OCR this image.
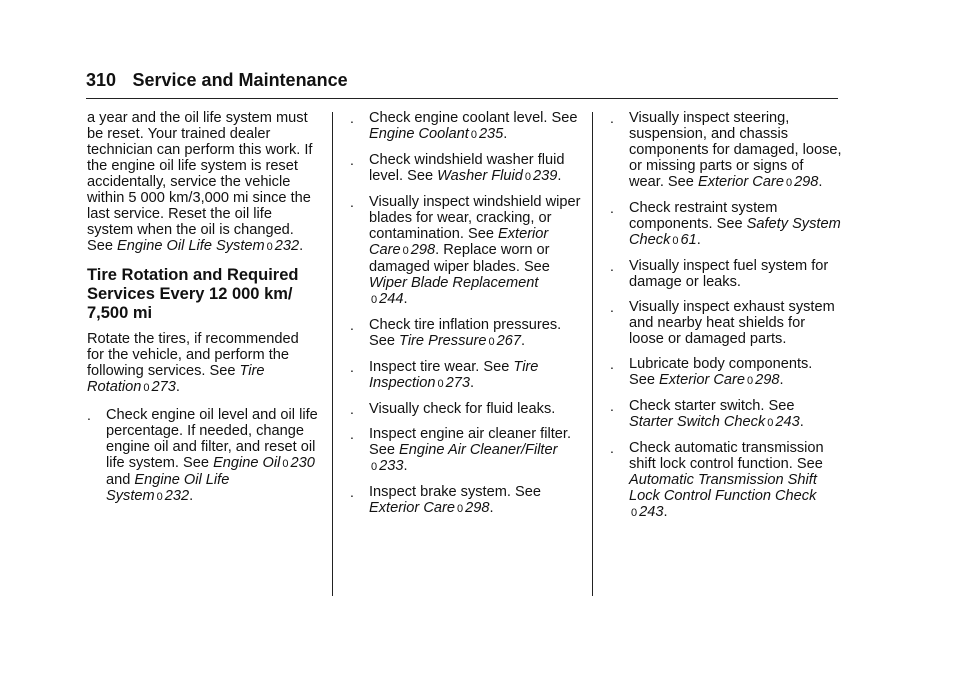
310 Service and Maintenance

a year and the oil life system must be reset. Your trained dealer technician can perform this work. If the engine oil life system is reset accidentally, service the vehicle within 5 000 km/3,000 mi since the last service. Reset the oil life system when the oil is changed. See Engine Oil Life System 0 232.

Tire Rotation and Required Services Every 12 000 km/ 7,500 mi

Rotate the tires, if recommended for the vehicle, and perform the following services. See Tire Rotation 0 273.

. Check engine oil level and oil life percentage. If needed, change engine oil and filter, and reset oil life system. See Engine Oil 0 230 and Engine Oil Life System 0 232.
. Check engine coolant level. See Engine Coolant 0 235.
. Check windshield washer fluid level. See Washer Fluid 0 239.
. Visually inspect windshield wiper blades for wear, cracking, or contamination. See Exterior Care 0 298. Replace worn or damaged wiper blades. See Wiper Blade Replacement
0 244.
. Check tire inflation pressures. See Tire Pressure 0 267.
. Inspect tire wear. See Tire Inspection 0 273.
. Visually check for fluid leaks.
. Inspect engine air cleaner filter. See Engine Air Cleaner/Filter
0 233.
. Inspect brake system. See Exterior Care 0 298.
. Visually inspect steering, suspension, and chassis components for damaged, loose, or missing parts or signs of wear. See Exterior Care 0 298.
. Check restraint system components. See Safety System Check 0 61.
. Visually inspect fuel system for damage or leaks.
. Visually inspect exhaust system and nearby heat shields for loose or damaged parts.
. Lubricate body components. See Exterior Care 0 298.
. Check starter switch. See Starter Switch Check 0 243.
. Check automatic transmission shift lock control function. See Automatic Transmission Shift Lock Control Function Check
0 243.
